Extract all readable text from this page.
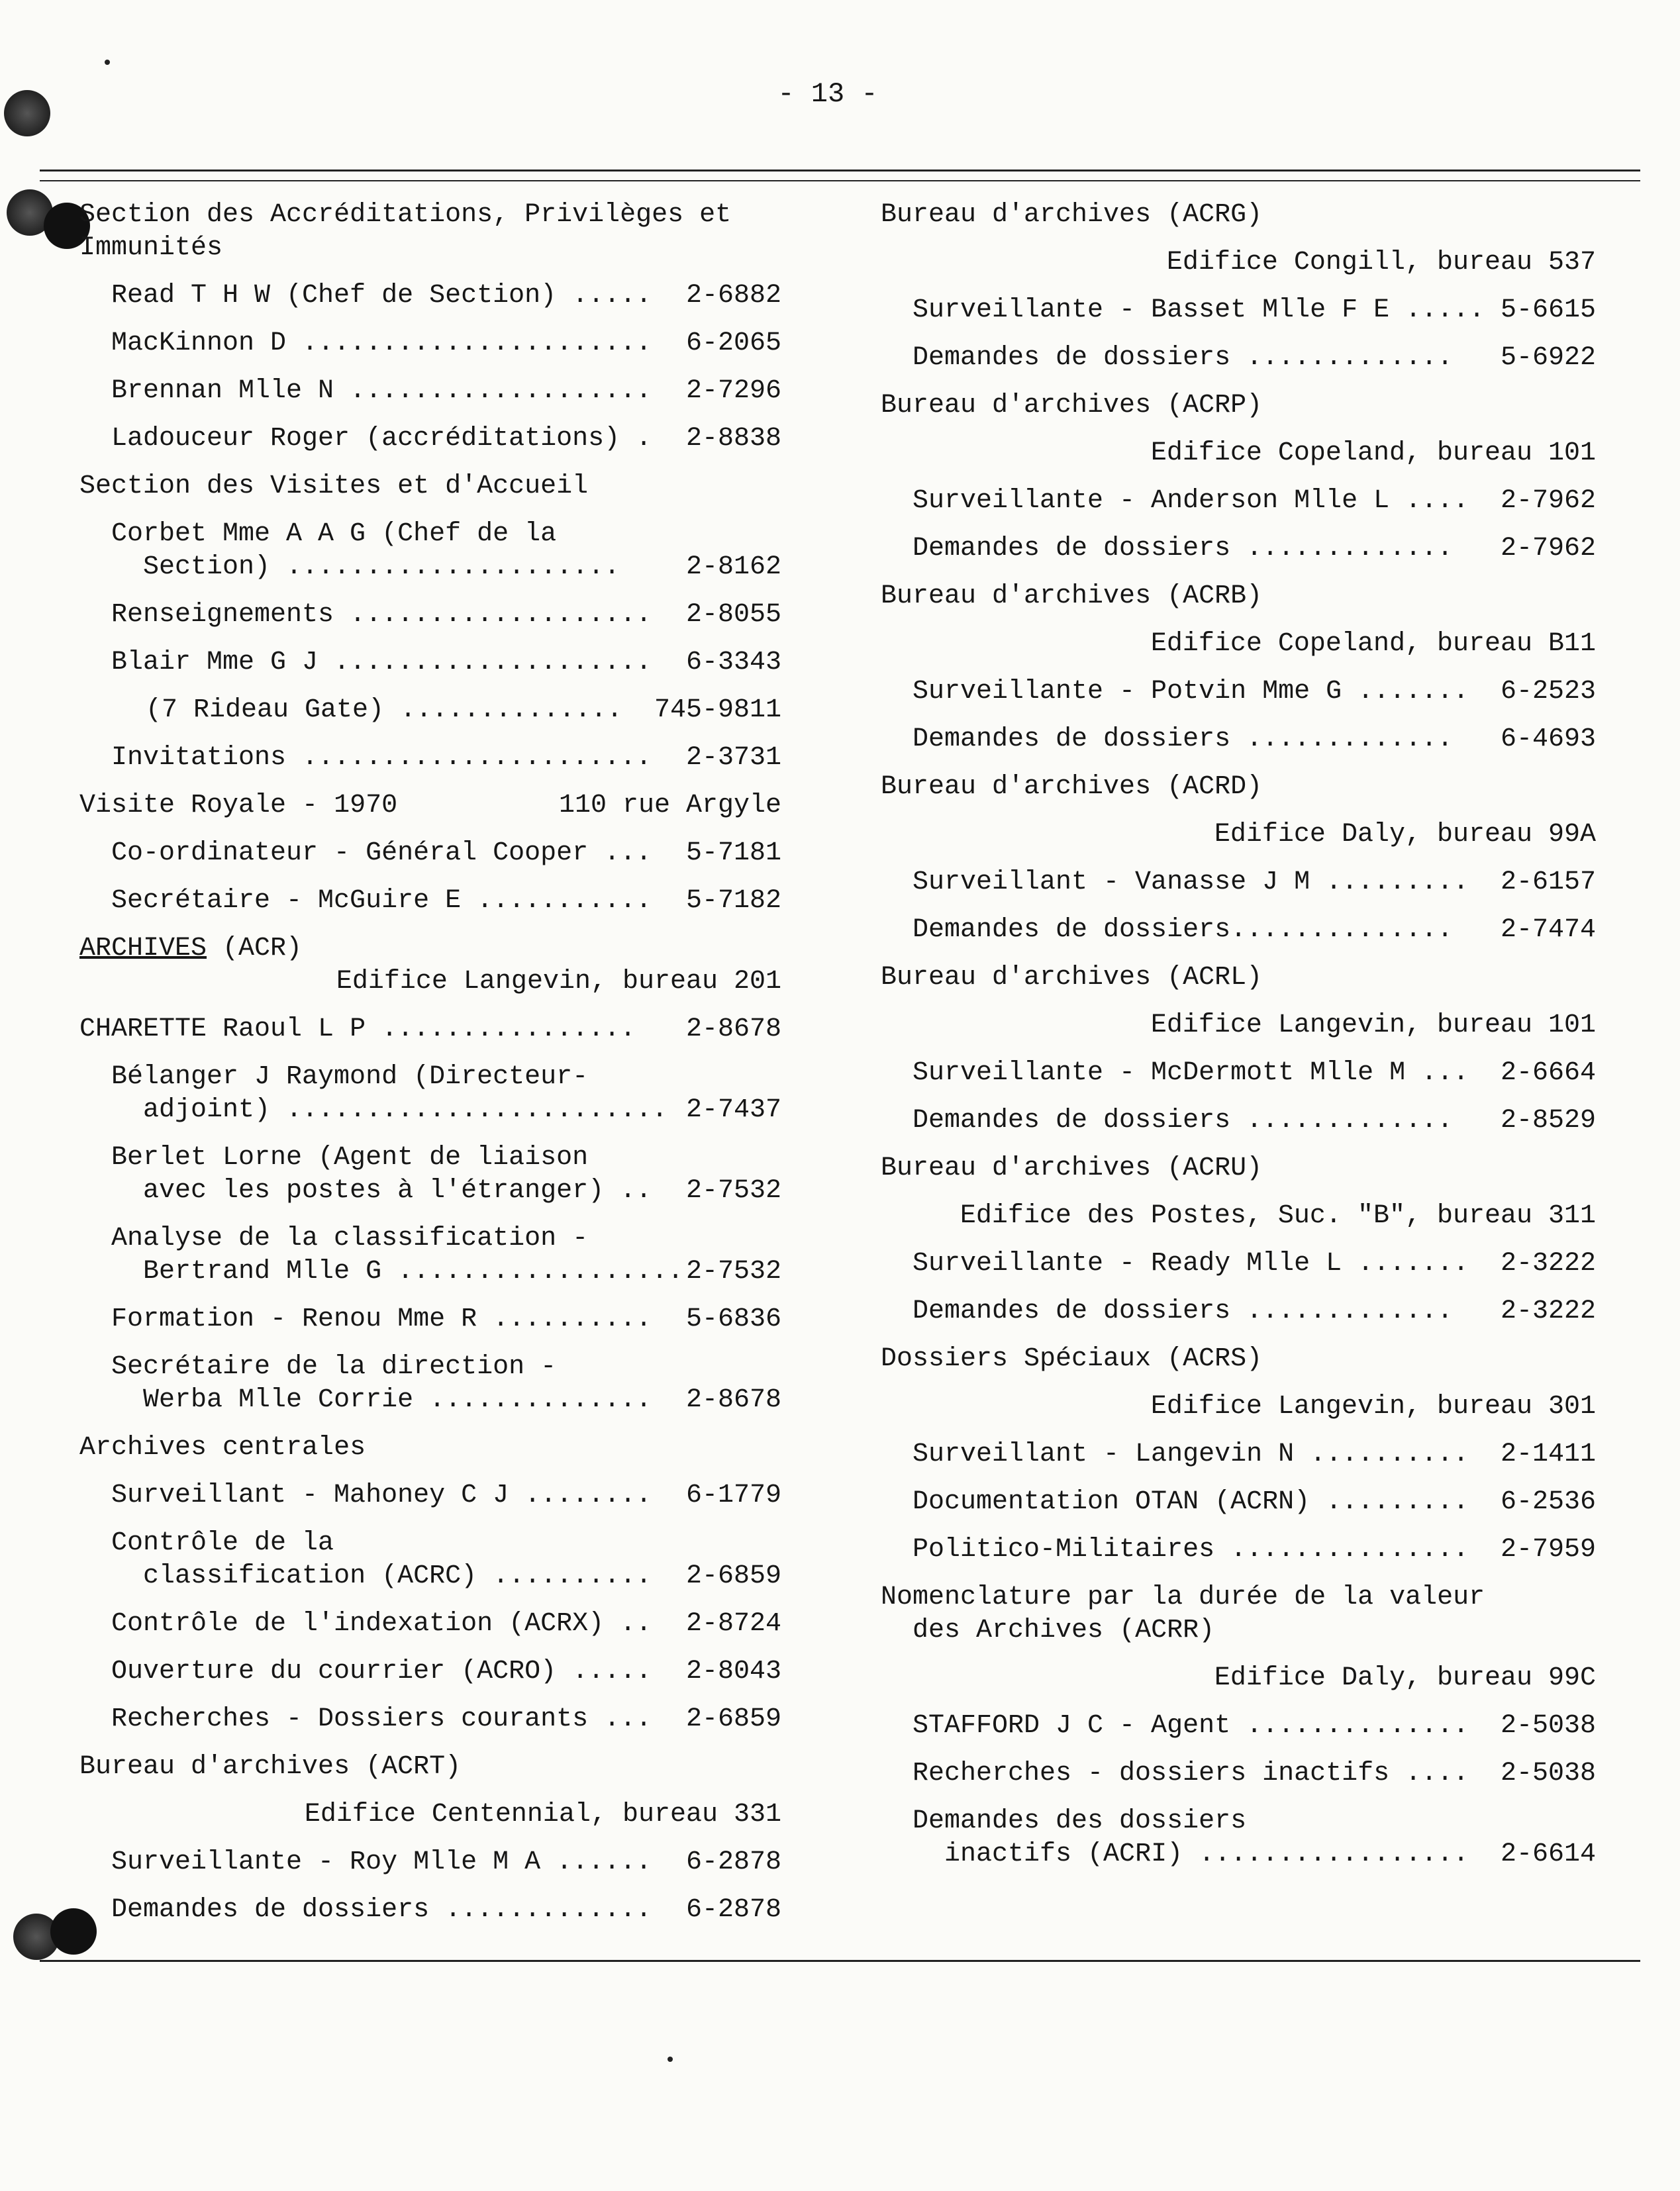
- 13 -
Section des Accréditations, Privilèges et
Immunités
Read T H W (Chef de Section) .....	2-6882
MacKinnon D ......................	6-2065
Brennan Mlle N ...................	2-7296
Ladouceur Roger (accréditations) .	2-8838
Section des Visites et d'Accueil
Corbet Mme A A G (Chef de la
Section) .....................	2-8162
Renseignements ...................	2-8055
Blair Mme G J ....................	6-3343
(7 Rideau Gate) ..............	745-9811
Invitations ......................	2-3731
Visite Royale - 1970	110 rue Argyle
Co-ordinateur - Général Cooper ...	5-7181
Secrétaire - McGuire E ...........	5-7182
ARCHIVES (ACR)
Edifice Langevin, bureau 201
CHARETTE Raoul L P ................	2-8678
Bélanger J Raymond (Directeur-
adjoint) ........................ 2-7437
Berlet Lorne (Agent de liaison
avec les postes à l'étranger) ..	2-7532
Analyse de la classification -
Bertrand Mlle G .................. 2-7532
Formation - Renou Mme R ..........	5-6836
Secrétaire de la direction -
Werba Mlle Corrie ..............	2-8678
Archives centrales
Surveillant - Mahoney C J ........	6-1779
Contrôle de la
classification (ACRC) ..........	2-6859
Contrôle de l'indexation (ACRX) ..	2-8724
Ouverture du courrier (ACRO) .....	2-8043
Recherches - Dossiers courants ...	2-6859
Bureau d'archives (ACRT)
Edifice Centennial, bureau 331
Surveillante - Roy Mlle M A ......	6-2878
Demandes de dossiers .............	6-2878
Bureau d'archives (ACRG)
Edifice Congill, bureau 537
Surveillante - Basset Mlle F E ..... 5-6615
Demandes de dossiers .............	5-6922
Bureau d'archives (ACRP)
Edifice Copeland, bureau 101
Surveillante - Anderson Mlle L ....	2-7962
Demandes de dossiers .............	2-7962
Bureau d'archives (ACRB)
Edifice Copeland, bureau B11
Surveillante - Potvin Mme G .......	6-2523
Demandes de dossiers .............	6-4693
Bureau d'archives (ACRD)
Edifice Daly, bureau 99A
Surveillant - Vanasse J M .........	2-6157
Demandes de dossiers..............	2-7474
Bureau d'archives (ACRL)
Edifice Langevin, bureau 101
Surveillante - McDermott Mlle M ...	2-6664
Demandes de dossiers .............	2-8529
Bureau d'archives (ACRU)
Edifice des Postes, Suc. "B", bureau 311
Surveillante - Ready Mlle L .......	2-3222
Demandes de dossiers .............	2-3222
Dossiers Spéciaux (ACRS)
Edifice Langevin, bureau 301
Surveillant - Langevin N ..........	2-1411
Documentation OTAN (ACRN) .........	6-2536
Politico-Militaires ...............	2-7959
Nomenclature par la durée de la valeur
des Archives (ACRR)
Edifice Daly, bureau 99C
STAFFORD J C - Agent ..............	2-5038
Recherches - dossiers inactifs ....	2-5038
Demandes des dossiers
inactifs (ACRI) .................	2-6614
